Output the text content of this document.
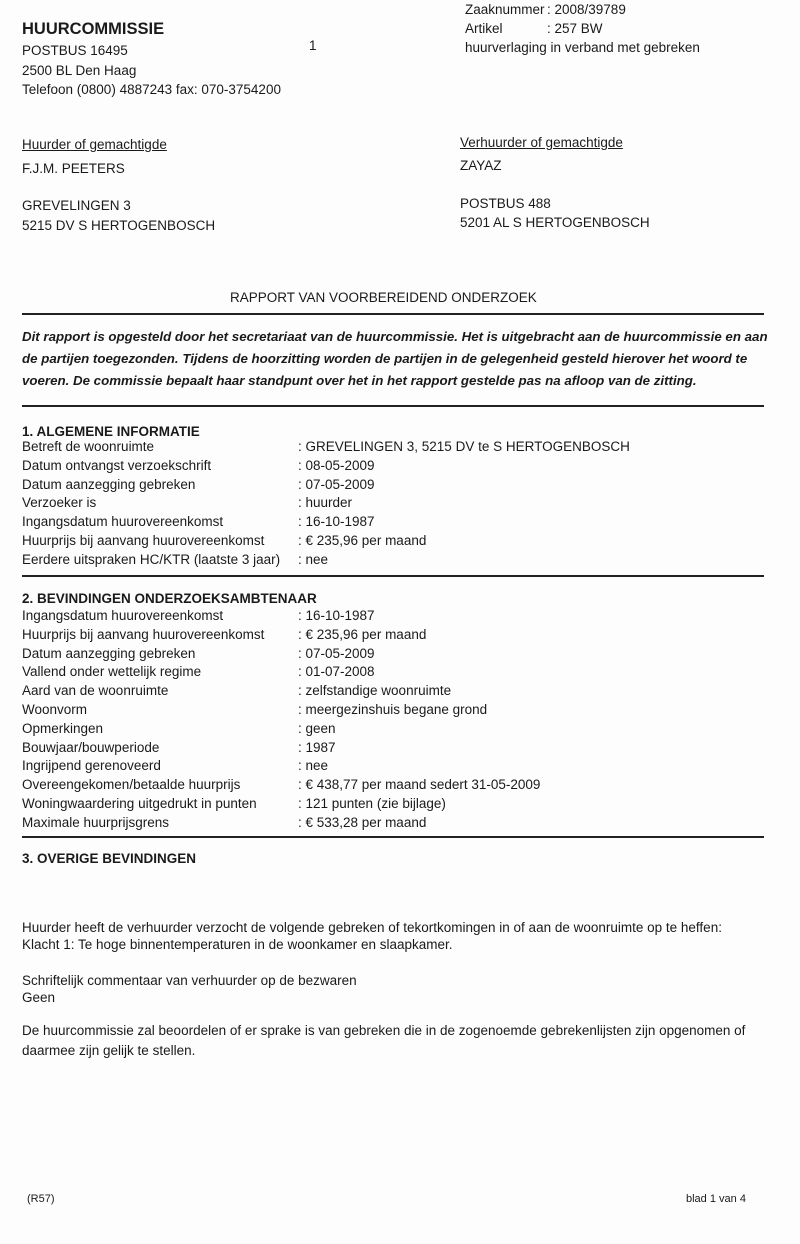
HUURCOMMISSIE
POSTBUS 16495
2500 BL Den Haag
Telefoon (0800) 4887243 fax: 070-3754200
1
Zaaknummer : 2008/39789
Artikel	: 257 BW
huurverlaging in verband met gebreken
Huurder of gemachtigde
F.J.M. PEETERS
GREVELINGEN 3
5215 DV S HERTOGENBOSCH
Verhuurder of gemachtigde
ZAYAZ
POSTBUS 488
5201 AL S HERTOGENBOSCH
RAPPORT VAN VOORBEREIDEND ONDERZOEK
Dit rapport is opgesteld door het secretariaat van de huurcommissie. Het is uitgebracht aan de huurcommissie en aan de partijen toegezonden. Tijdens de hoorzitting worden de partijen in de gelegenheid gesteld hierover het woord te voeren. De commissie bepaalt haar standpunt over het in het rapport gestelde pas na afloop van de zitting.
1. ALGEMENE INFORMATIE
Betreft de woonruimte	: GREVELINGEN 3, 5215 DV te S HERTOGENBOSCH
Datum ontvangst verzoekschrift	: 08-05-2009
Datum aanzegging gebreken	: 07-05-2009
Verzoeker is	: huurder
Ingangsdatum huurovereenkomst	: 16-10-1987
Huurprijs bij aanvang huurovereenkomst	: € 235,96 per maand
Eerdere uitspraken HC/KTR (laatste 3 jaar)	: nee
2. BEVINDINGEN ONDERZOEKSAMBTENAAR
Ingangsdatum huurovereenkomst	: 16-10-1987
Huurprijs bij aanvang huurovereenkomst	: € 235,96 per maand
Datum aanzegging gebreken	: 07-05-2009
Vallend onder wettelijk regime	: 01-07-2008
Aard van de woonruimte	: zelfstandige woonruimte
Woonvorm	: meergezinshuis begane grond
Opmerkingen	: geen
Bouwjaar/bouwperiode	: 1987
Ingrijpend gerenoveerd	: nee
Overeengekomen/betaalde huurprijs	: € 438,77 per maand sedert 31-05-2009
Woningwaardering uitgedrukt in punten	: 121 punten (zie bijlage)
Maximale huurprijsgrens	: € 533,28 per maand
3. OVERIGE BEVINDINGEN
Huurder heeft de verhuurder verzocht de volgende gebreken of tekortkomingen in of aan de woonruimte op te heffen:
Klacht 1: Te hoge binnentemperaturen in de woonkamer en slaapkamer.
Schriftelijk commentaar van verhuurder op de bezwaren
Geen
De huurcommissie zal beoordelen of er sprake is van gebreken die in de zogenoemde gebrekenlijsten zijn opgenomen of daarmee zijn gelijk te stellen.
(R57)	blad 1 van 4
